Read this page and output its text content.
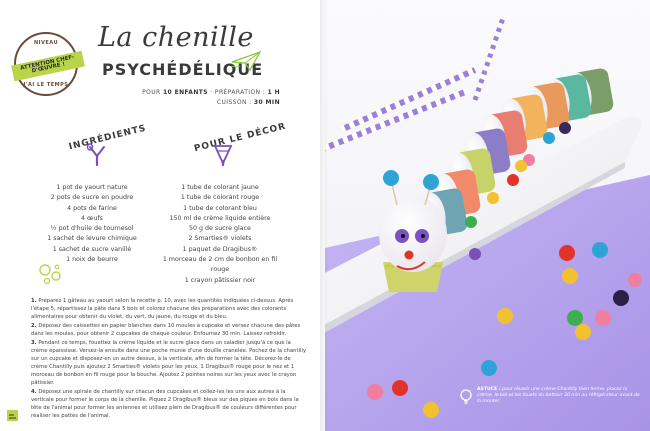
NIVEAU
ATTENTION CHEF-D'ŒUVRE !
J'AI LE TEMPS
La chenille
PSYCHÉDÉLIQUE
POUR 10 ENFANTS · PRÉPARATION : 1 H
CUISSON : 30 MIN
INGRÉDIENTS	POUR LE DÉCOR
1 pot de yaourt nature
2 pots de sucre en poudre
4 pots de farine
4 œufs
½ pot d'huile de tournesol
1 sachet de levure chimique
1 sachet de sucre vanillé
1 noix de beurre
1 tube de colorant jaune
1 tube de colorant rouge
1 tube de colorant bleu
150 ml de crème liquide entière
50 g de sucre glace
2 Smarties® violets
1 paquet de Dragibus®
1 morceau de 2 cm de bonbon en fil rouge
1 crayon pâtissier noir

1. Préparez 1 gâteau au yaourt selon la recette p. 10, avec les quantités indiquées ci-dessus. Après l'étape 5, répartissez la pâte dans 5 bols et colorez chacune des préparations avec des colorants alimentaires pour obtenir du violet, du vert, du jaune, du rouge et du bleu.

2. Déposez des caissettes en papier blanches dans 10 moules à cupcake et versez chacune des pâtes dans les moules, pour obtenir 2 cupcakes de chaque couleur. Enfournez 30 min. Laissez refroidir.

3. Pendant ce temps, fouettez la crème liquide et le sucre glace dans un saladier jusqu'à ce que la crème épaississe. Versez-la ensuite dans une poche munie d'une douille cranelée. Pochez de la chantilly sur un cupcake et disposez-en un autre dessus, à la verticale, afin de former la tête. Décorez-le de crème Chantilly puis ajoutez 2 Smarties® violets pour les yeux, 1 Dragibus® rouge pour le nez et 1 morceau de bonbon en fil rouge pour la bouche. Ajoutez 2 pointes noires sur les yeux avec le crayon pâtissier.

4. Déposez une spirale de chantilly sur chacun des cupcakes et collez-les les uns aux autres à la verticale pour former le corps de la chenille. Piquez 2 Dragibus® bleus sur des piques en bois dans la tête de l'animal pour former les antennes et utilisez plein de Dragibus® de couleurs différentes pour réaliser les pattes de l'animal.

ASTUCE : pour réussir une crème Chantilly bien ferme, placez la crème, le bol et les fouets du batteur 30 min au réfrigérateur avant de la monter.
